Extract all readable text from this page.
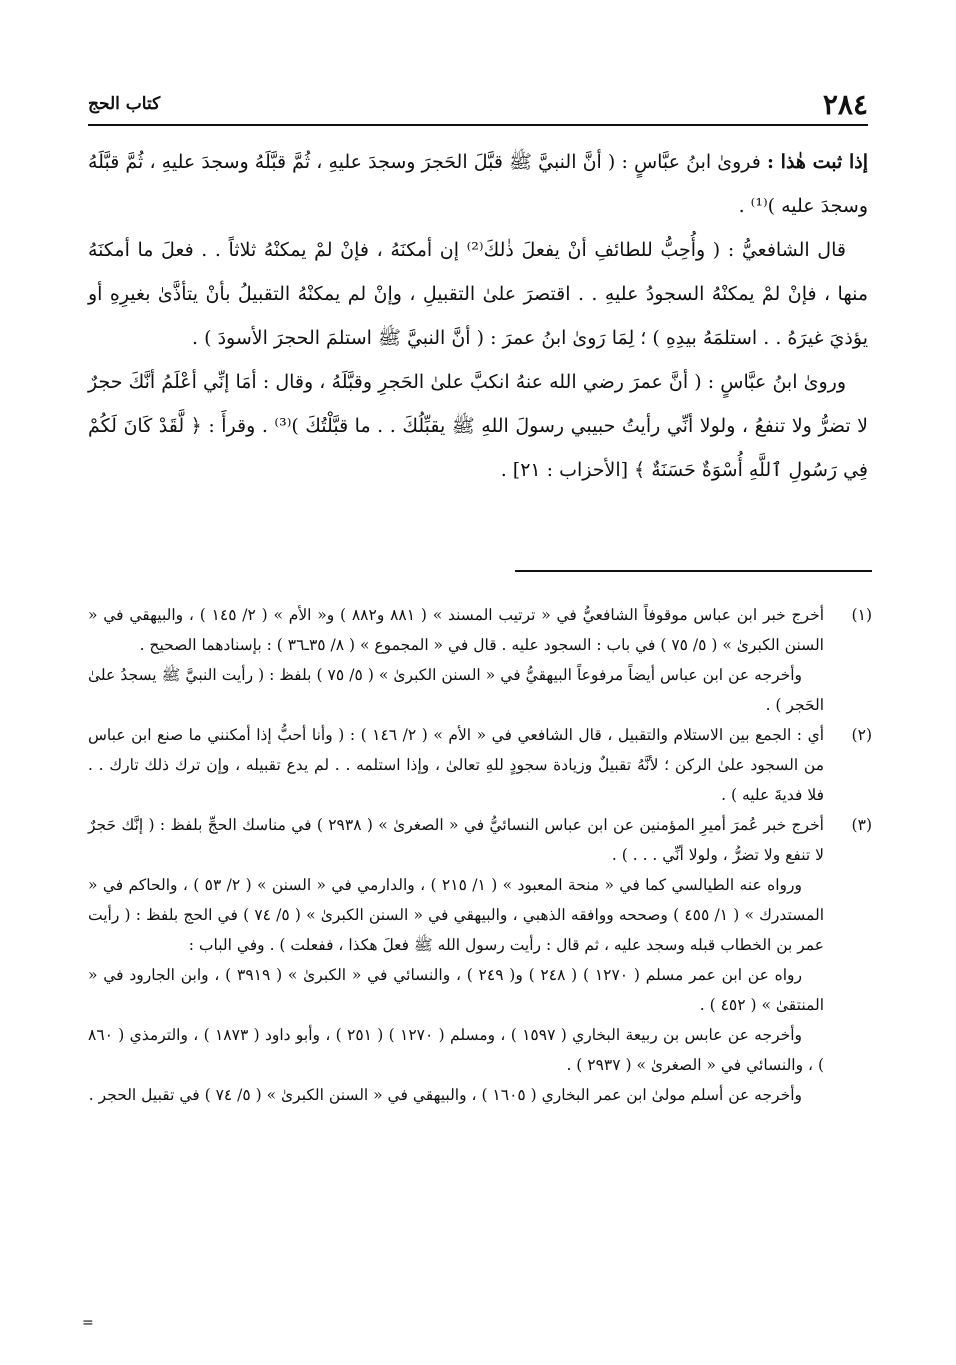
٢٨٤
كتاب الحج

إذا ثبت هٰذا : فروىٰ ابنُ عبَّاسٍ : ( أنَّ النبيَّ ﷺ قبَّلَ الحَجرَ وسجدَ عليهِ ، ثُمَّ قبَّلَهُ وسجدَ عليهِ ، ثُمَّ قبَّلَهُ وسجدَ عليه )⁽¹⁾ .

قال الشافعيُّ : ( وأُحِبُّ للطائفِ أنْ يفعلَ ذٰلكَ⁽²⁾ إن أمكنَهُ ، فإنْ لمْ يمكنْهُ ثلاثاً . . فعلَ ما أمكنَهُ منها ، فإنْ لمْ يمكنْهُ السجودُ عليهِ . . اقتصرَ علىٰ التقبيلِ ، وإنْ لم يمكنْهُ التقبيلُ بأنْ يتأذَّىٰ بغيرِهِ أو يؤذيَ غيرَهُ . . استلمَهُ بيدِهِ ) ؛ لِمَا رَوىٰ ابنُ عمرَ : ( أنَّ النبيَّ ﷺ استلمَ الحجرَ الأسودَ ) .

وروىٰ ابنُ عبَّاسٍ : ( أنَّ عمرَ رضي الله عنهُ انكبَّ علىٰ الحَجرِ وقبَّلَهُ ، وقال : أمَا إنِّي أعْلَمُ أنَّكَ حجرٌ لا تضرُّ ولا تنفعُ ، ولولا أنِّي رأيتُ حبيبي رسولَ اللهِ ﷺ يقبِّلُكَ . . ما قبَّلْتُكَ )⁽³⁾ . وقرأَ : ﴿ لَّقَدْ كَانَ لَكُمْ فِي رَسُولِ ٱللَّهِ أُسْوَةٌ حَسَنَةٌ ﴾ [الأحزاب : ٢١] .

(١)

أخرج خبر ابن عباس موقوفاً الشافعيُّ في « ترتيب المسند » ( ٨٨١ و٨٨٢ ) و« الأم » ( ٢/ ١٤٥ ) ، والبيهقي في « السنن الكبرىٰ » ( ٥/ ٧٥ ) في باب : السجود عليه . قال في « المجموع » ( ٨/ ٣٥ـ٣٦ ) : بإسنادهما الصحيح .

وأخرجه عن ابن عباس أيضاً مرفوعاً البيهقيُّ في « السنن الكبرىٰ » ( ٥/ ٧٥ ) بلفظ : ( رأيت النبيَّ ﷺ يسجدُ علىٰ الحَجر ) .

(٢)

أي : الجمع بين الاستلام والتقبيل ، قال الشافعي في « الأم » ( ٢/ ١٤٦ ) : ( وأنا أحبُّ إذا أمكنني ما صنع ابن عباس من السجود علىٰ الركن ؛ لأنَّهُ تقبيلٌ وزيادة سجودٍ للهِ تعالىٰ ، وإذا استلمه . . لم يدع تقبيله ، وإن ترك ذلك تارك . . فلا فديةَ عليه ) .

(٣)

أخرج خبر عُمرَ أميرِ المؤمنين عن ابن عباس النسائيُّ في « الصغرىٰ » ( ٢٩٣٨ ) في مناسك الحجِّ بلفظ : ( إنَّك حَجرٌ لا تنفع ولا تضرُّ ، ولولا أنِّي . . . ) .

ورواه عنه الطيالسي كما في « منحة المعبود » ( ١/ ٢١٥ ) ، والدارمي في « السنن » ( ٢/ ٥٣ ) ، والحاكم في « المستدرك » ( ١/ ٤٥٥ ) وصححه ووافقه الذهبي ، والبيهقي في « السنن الكبرىٰ » ( ٥/ ٧٤ ) في الحج بلفظ : ( رأيت عمر بن الخطاب قبله وسجد عليه ، ثم قال : رأيت رسول الله ﷺ فعلَ هكذا ، ففعلت ) . وفي الباب :

رواه عن ابن عمر مسلم ( ١٢٧٠ ) ( ٢٤٨ ) و( ٢٤٩ ) ، والنسائي في « الكبرىٰ » ( ٣٩١٩ ) ، وابن الجارود في « المنتقىٰ » ( ٤٥٢ ) .

وأخرجه عن عابس بن ربيعة البخاري ( ١٥٩٧ ) ، ومسلم ( ١٢٧٠ ) ( ٢٥١ ) ، وأبو داود ( ١٨٧٣ ) ، والترمذي ( ٨٦٠ ) ، والنسائي في « الصغرىٰ » ( ٢٩٣٧ ) .

وأخرجه عن أسلم مولىٰ ابن عمر البخاري ( ١٦٠٥ ) ، والبيهقي في « السنن الكبرىٰ » ( ٥/ ٧٤ ) في تقبيل الحجر .

=
